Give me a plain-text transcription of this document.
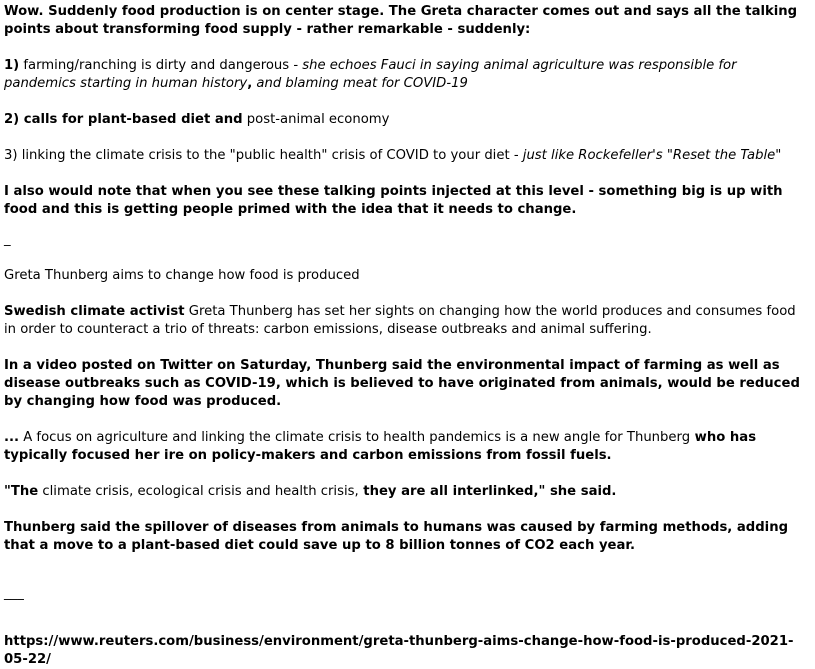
Wow. Suddenly food production is on center stage. The Greta character comes out and says all the talking points about transforming food supply - rather remarkable - suddenly:

1) farming/ranching is dirty and dangerous - she echoes Fauci in saying animal agriculture was responsible for pandemics starting in human history, and blaming meat for COVID-19

2) calls for plant-based diet and post-animal economy

3) linking the climate crisis to the "public health" crisis of COVID to your diet - just like Rockefeller's "Reset the Table"

I also would note that when you see these talking points injected at this level - something big is up with food and this is getting people primed with the idea that it needs to change.

_

Greta Thunberg aims to change how food is produced

Swedish climate activist Greta Thunberg has set her sights on changing how the world produces and consumes food in order to counteract a trio of threats: carbon emissions, disease outbreaks and animal suffering.

In a video posted on Twitter on Saturday, Thunberg said the environmental impact of farming as well as disease outbreaks such as COVID-19, which is believed to have originated from animals, would be reduced by changing how food was produced.

... A focus on agriculture and linking the climate crisis to health pandemics is a new angle for Thunberg who has typically focused her ire on policy-makers and carbon emissions from fossil fuels.

"The climate crisis, ecological crisis and health crisis, they are all interlinked," she said.

Thunberg said the spillover of diseases from animals to humans was caused by farming methods, adding that a move to a plant-based diet could save up to 8 billion tonnes of CO2 each year.

___

https://www.reuters.com/business/environment/greta-thunberg-aims-change-how-food-is-produced-2021-05-22/
